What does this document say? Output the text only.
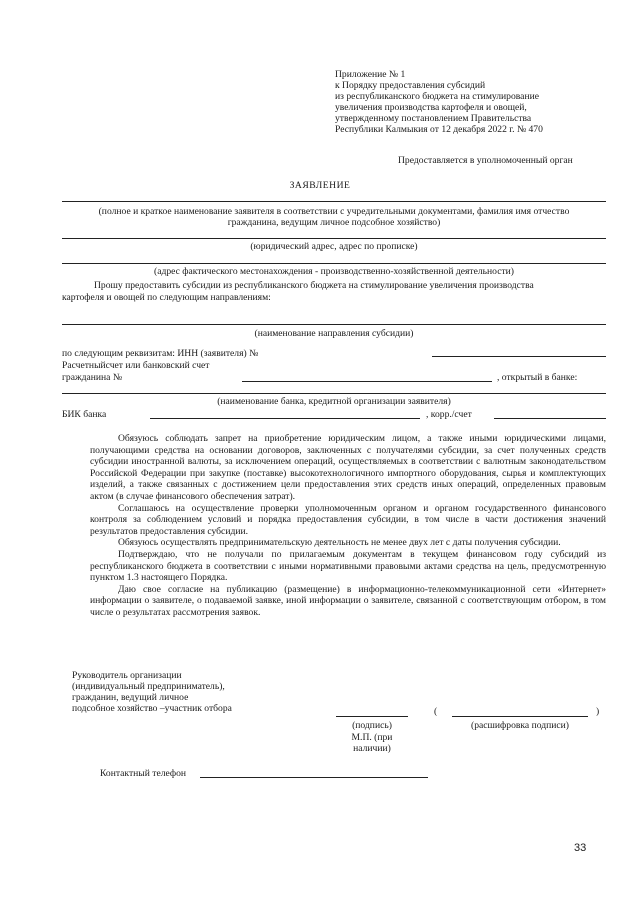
Приложение № 1
к Порядку предоставления субсидий
из республиканского бюджета на стимулирование
увеличения производства картофеля и овощей,
утвержденному постановлением Правительства
Республики Калмыкия от 12 декабря 2022 г. № 470
Предоставляется в уполномоченный орган
ЗАЯВЛЕНИЕ
(полное и краткое наименование заявителя в соответствии с учредительными документами, фамилия имя отчество
гражданина, ведущим личное подсобное хозяйство)
(юридический адрес, адрес по прописке)
(адрес фактического местонахождения - производственно-хозяйственной деятельности)
Прошу предоставить субсидии из республиканского бюджета на стимулирование увеличения производства
картофеля и овощей по следующим направлениям:
(наименование направления субсидии)
по следующим реквизитам: ИНН (заявителя) №
Расчетныйсчет или банковский счет
гражданина №	, открытый в банке:
(наименование банка, кредитной организации заявителя)
БИК банка	, корр./счет

Обязуюсь соблюдать запрет на приобретение юридическим лицом, а также иными юридическими лицами, получающими средства на основании договоров, заключенных с получателями субсидии, за счет полученных средств субсидии иностранной валюты, за исключением операций, осуществляемых в соответствии с валютным законодательством Российской Федерации при закупке (поставке) высокотехнологичного импортного оборудования, сырья и комплектующих изделий, а также связанных с достижением цели предоставления этих средств иных операций, определенных правовым актом (в случае финансового обеспечения затрат).

Соглашаюсь на осуществление проверки уполномоченным органом и органом государственного финансового контроля за соблюдением условий и порядка предоставления субсидии, в том числе в части достижения значений результатов предоставления субсидии.

Обязуюсь осуществлять предпринимательскую деятельность не менее двух лет с даты получения субсидии.

Подтверждаю, что не получали по прилагаемым документам в текущем финансовом году субсидий из республиканского бюджета в соответствии с иными нормативными правовыми актами средства на цель, предусмотренную пунктом 1.3 настоящего Порядка.

Даю свое согласие на публикацию (размещение) в информационно-телекоммуникационной сети «Интернет» информации о заявителе, о подаваемой заявке, иной информации о заявителе, связанной с соответствующим отбором, в том числе о результатах рассмотрения заявок.

Руководитель организации
(индивидуальный предприниматель),
гражданин, ведущий личное
подсобное хозяйство –участник отбора	(	)
(подпись)	(расшифровка подписи)
М.П. (при
наличии)
Контактный телефон
33
